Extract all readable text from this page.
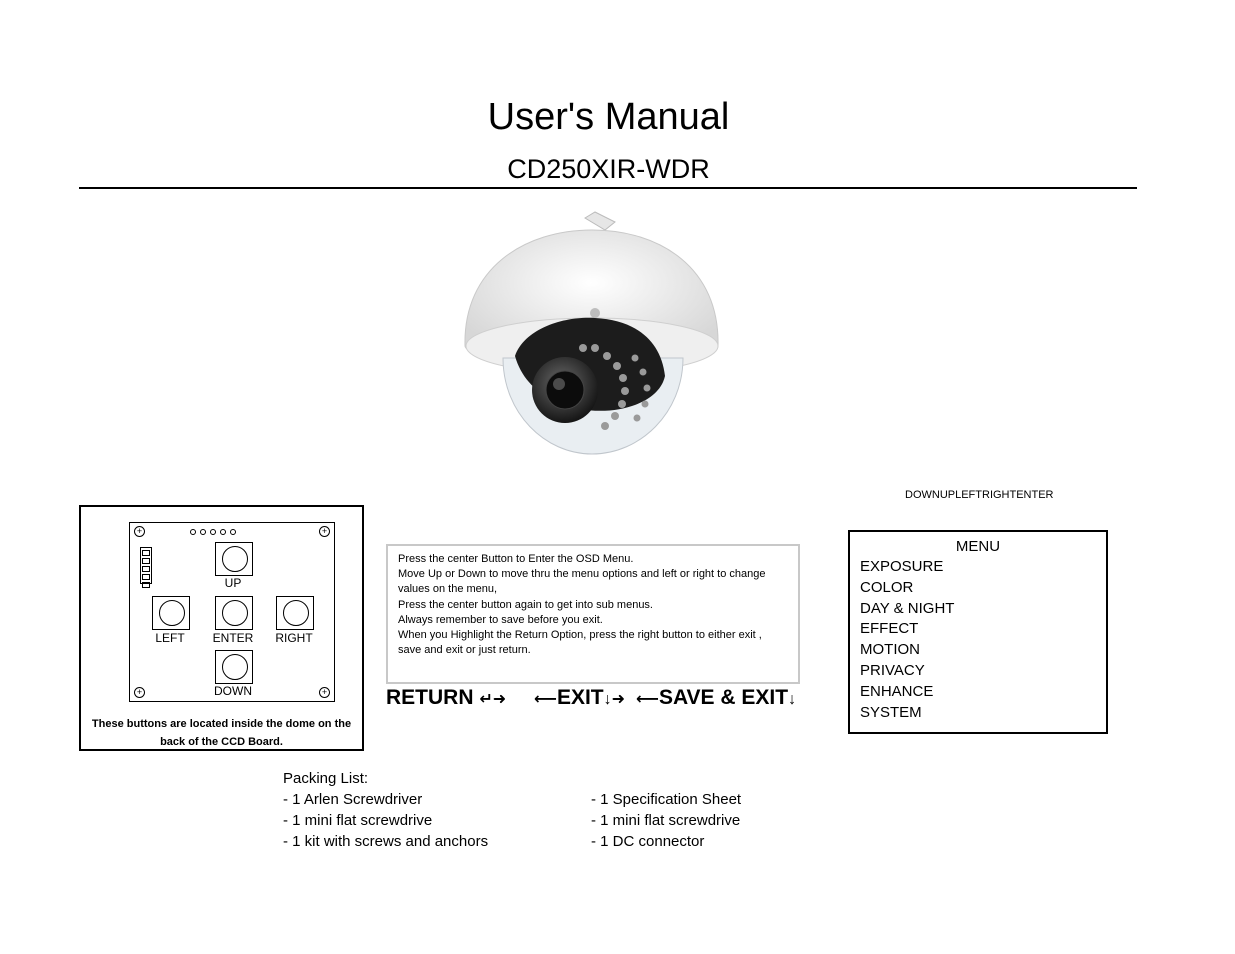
User's Manual
CD250XIR-WDR
DOWNUPLEFTRIGHTENTER
+	+
+	+
UP
LEFT	ENTER	RIGHT
DOWN
These buttons are located inside the dome on the back of the CCD Board.
Press the center Button to Enter the OSD Menu.
Move Up or Down to move thru the menu options and left or right to change values on the menu,
Press the center button again to get into sub menus.
Always remember to save before you exit.
When you Highlight the Return Option, press the right button to either exit , save and exit or just return.
RETURN ↵➜ ⟵EXIT↓➜ ⟵SAVE & EXIT↓
MENU
EXPOSURE
COLOR
DAY & NIGHT
EFFECT
MOTION
PRIVACY
ENHANCE
SYSTEM
Packing List:
- 1 Arlen Screwdriver
- 1 mini flat screwdrive
- 1 kit with screws and anchors
- 1 Specification Sheet
- 1 mini flat screwdrive
- 1 DC connector
